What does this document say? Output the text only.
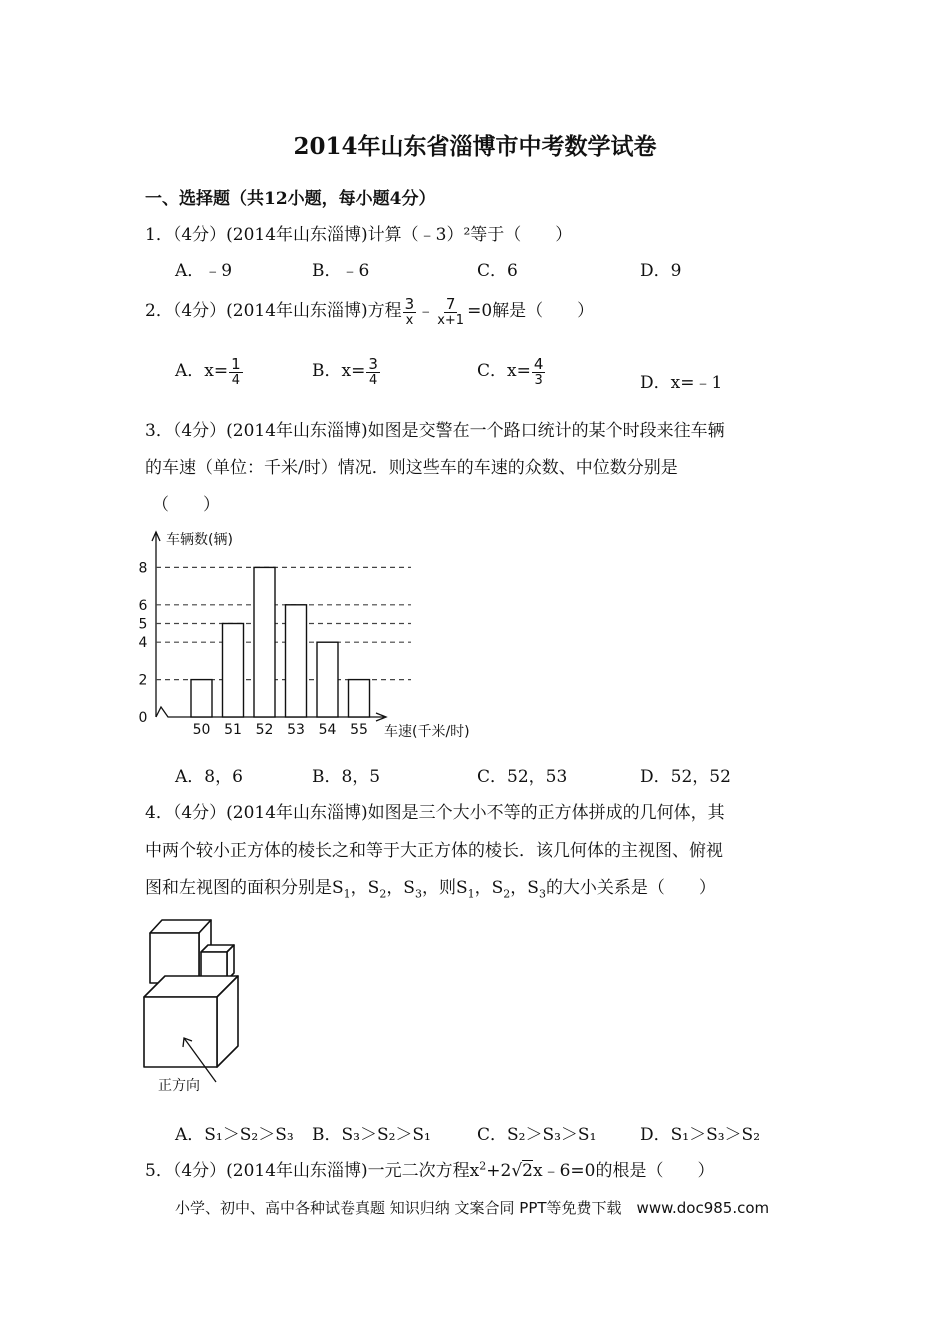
2014年山东省淄博市中考数学试卷
一、选择题（共12小题，每小题4分）
1．（4分）(2014年山东淄博)计算（﹣3）²等于（　　）
A．﹣9	B．﹣6	C．6	D．9
2．（4分）(2014年山东淄博)方程 $\frac{3}{x}$ ﹣ $\frac{7}{x+1} =0$解是（　　）
A．$x= \frac{1}{4}$	B．$x= \frac{3}{4}$	C．$x= \frac{4}{3}$	D．x=﹣1
3．（4分）(2014年山东淄博)如图是交警在一个路口统计的某个时段来往车辆
的车速（单位：千米/时）情况．则这些车的车速的众数、中位数分别是
（　　）
0
2
4
5
6
8
50 51 52 53 54 55
车辆数(辆)
车速(千米/时)
A．8，6	B．8，5	C．52，53	D．52，52
4．（4分）(2014年山东淄博)如图是三个大小不等的正方体拼成的几何体，其
中两个较小正方体的棱长之和等于大正方体的棱长．该几何体的主视图、俯视
图和左视图的面积分别是$S_1$，$S_2$，$S_3$，则$S_1$，$S_2$，$S_3$的大小关系是（　　）
正方向
A．S₁＞S₂＞S₃ B．S₃＞S₂＞S₁	C．S₂＞S₃＞S₁	D．S₁＞S₃＞S₂
5．（4分）(2014年山东淄博)一元二次方程$x^2+2√2x﹣6=0$的根是（　　）
小学、初中、高中各种试卷真题 知识归纳 文案合同 PPT等免费下载　www.doc985.com
